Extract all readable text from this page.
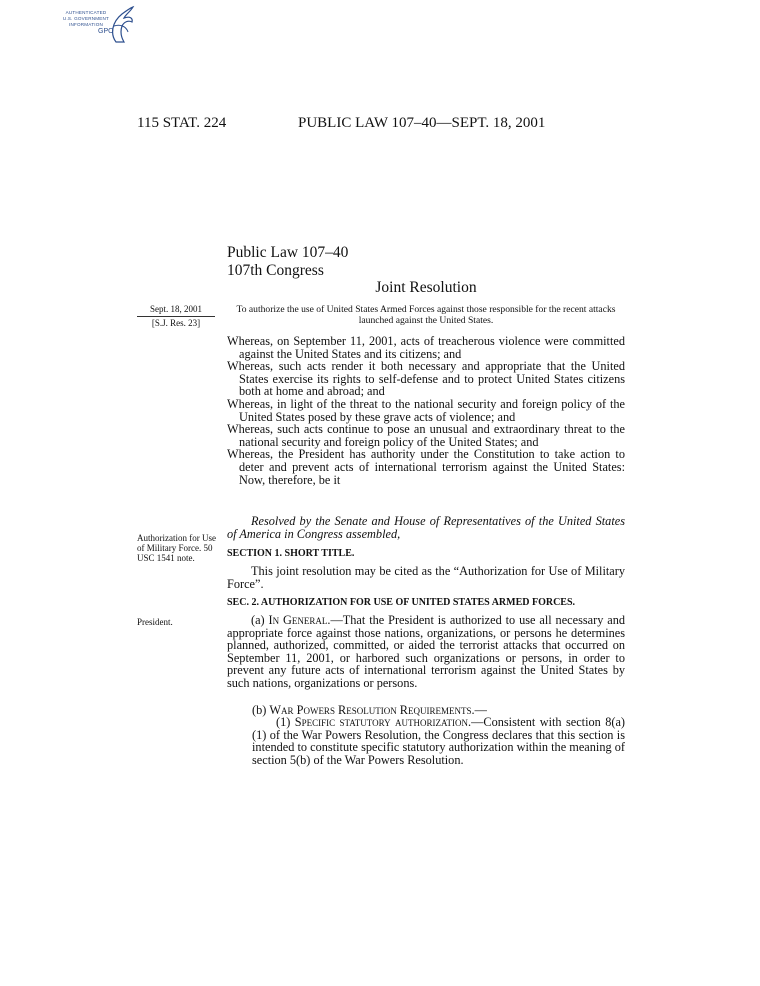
AUTHENTICATED
U.S. GOVERNMENT
INFORMATION
GPO
115 STAT. 224	PUBLIC LAW 107–40—SEPT. 18, 2001
Public Law 107–40
107th Congress
Joint Resolution
Sept. 18, 2001
[S.J. Res. 23]
Authorization for Use of Military Force. 50 USC 1541 note.
President.
To authorize the use of United States Armed Forces against those responsible for the recent attacks launched against the United States.

Whereas, on September 11, 2001, acts of treacherous violence were committed against the United States and its citizens; and

Whereas, such acts render it both necessary and appropriate that the United States exercise its rights to self-defense and to protect United States citizens both at home and abroad; and

Whereas, in light of the threat to the national security and foreign policy of the United States posed by these grave acts of violence; and

Whereas, such acts continue to pose an unusual and extraordinary threat to the national security and foreign policy of the United States; and

Whereas, the President has authority under the Constitution to take action to deter and prevent acts of international terrorism against the United States: Now, therefore, be it

Resolved by the Senate and House of Representatives of the United States of America in Congress assembled,
SECTION 1. SHORT TITLE.
This joint resolution may be cited as the “Authorization for Use of Military Force”.
SEC. 2. AUTHORIZATION FOR USE OF UNITED STATES ARMED FORCES.
(a) In General.—That the President is authorized to use all necessary and appropriate force against those nations, organizations, or persons he determines planned, authorized, committed, or aided the terrorist attacks that occurred on September 11, 2001, or harbored such organizations or persons, in order to prevent any future acts of international terrorism against the United States by such nations, organizations or persons.
(b) War Powers Resolution Requirements.—
(1) Specific statutory authorization.—Consistent with section 8(a)(1) of the War Powers Resolution, the Congress declares that this section is intended to constitute specific statutory authorization within the meaning of section 5(b) of the War Powers Resolution.
